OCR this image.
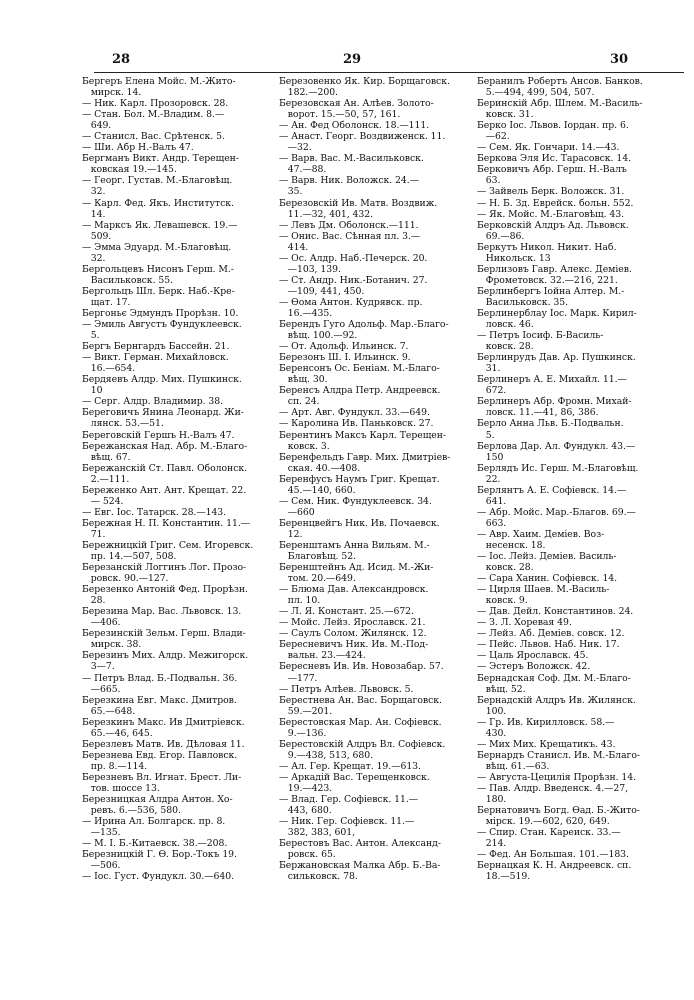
28	29	30
Бергеръ Елена Мойс. М.-Жито-
мирск. 14.
— Ник. Карл. Прозоровск. 28.
— Стан. Бол. М.-Владим. 8.—
649.
— Станисл. Вас. Срѣтенск. 5.
— Ши. Абр Н.-Валъ 47.
Бергманъ Викт. Андр. Терещен-
ковская 19.—145.
— Георг. Густав. М.-Благовѣщ.
32.
— Карл. Фед. Якъ. Институтск.
14.
— Марксъ Як. Левашевск. 19.—
509.
— Эмма Эдуард. М.-Благовѣщ.
32.
Бергольцевъ Нисонъ Герш. М.-
Васильковск. 55.
Бергольцъ Шл. Берк. Наб.-Кре-
щат. 17.
Бергоньє Эдмундъ Прорѣзн. 10.
— Эмиль Августъ Фундуклеевск.
5.
Бергъ Бернгардъ Бассейн. 21.
— Викт. Герман. Михайловск.
16.—654.
Бердяевъ Алдр. Мих. Пушкинск.
10
— Серг. Алдр. Владимир. 38.
Береговичъ Янина Леонард. Жи-
лянск. 53.—51.
Береговскій Гершъ Н.-Валъ 47.
Бережанская Над. Абр. М.-Благо-
вѣщ. 67.
Бережанскій Ст. Павл. Оболонск.
2.—111.
Береженко Ант. Ант. Крещат. 22.
— 524.
— Евг. Іос. Татарск. 28.—143.
Бережная Н. П. Константин. 11.—
71.
Бережницкій Григ. Сем. Игоревск.
пр. 14.—507, 508.
Березанскій Логгинъ Лог. Прозо-
ровск. 90.—127.
Березенко Антоній Фед. Прорѣзн.
28.
Березина Мар. Вас. Львовск. 13.
—406.
Березинскій Зельм. Герш. Влади-
мирск. 38.
Березинъ Мих. Алдр. Межигорск.
3—7.
— Петръ Влад. Б.-Подвальн. 36.
—665.
Березкина Евг. Макс. Дмитров.
65.—648.
Березкинъ Макс. Ив Дмитріевск.
65.—46, 645.
Березлевъ Матв. Ив. Дѣловая 11.
Березнева Евд. Егор. Павловск.
пр. 8.—114.
Березневъ Вл. Игнат. Брест. Ли-
тов. шоссе 13.
Березницкая Алдра Антон. Хо-
ревъ. 6.—536, 580.
— Ирина Ал. Болгарск. пр. 8.
—135.
— М. І. Б.-Китаевск. 38.—208.
Березницкій Г. Ѳ. Бор.-Токъ 19.
—506.
— Іос. Густ. Фундукл. 30.—640.
Березовенко Як. Кир. Борщаговск.
182.—200.
Березовская Ан. Алѣев. Золото-
ворот. 15.—50, 57, 161.
— Ан. Фед Оболонск. 18.—111.
— Анаст. Георг. Воздвиженск. 11.
—32.
— Варв. Вас. М.-Васильковск.
47.—88.
— Варв. Ник. Воложск. 24.—
35.
Березовскій Ив. Матв. Воздвиж.
11.—32, 401, 432.
— Левъ Дм. Оболонск.—111.
— Онис. Вас. Сѣнная пл. 3.—
414.
— Ос. Алдр. Наб.-Печерск. 20.
—103, 139.
— Ст. Андр. Ник.-Ботанич. 27.
—109, 441, 450.
— Ѳома Антон. Кудрявск. пр.
16.—435.
Берендъ Гуго Адольф. Мар.-Благо-
вѣщ. 100.—92.
— От. Адольф. Ильинск. 7.
Березонъ Ш. І. Ильинск. 9.
Беренсонъ Ос. Беніам. М.-Благо-
вѣщ. 30.
Беренсъ Алдра Петр. Андреевск.
сп. 24.
— Арт. Авг. Фундукл. 33.—649.
— Каролина Ив. Паньковск. 27.
Берентинъ Максъ Карл. Терещен-
ковск. 3.
Беренфельдъ Гавр. Мих. Дмитріев-
ская. 40.—408.
Беренфусъ Наумъ Григ. Крещат.
45.—140, 660.
— Сем. Ник. Фундуклеевск. 34.
—660
Беренцвейгъ Ник. Ив. Почаевск.
12.
Беренштамъ Анна Вильям. М.-
Благовѣщ. 52.
Беренштейнъ Ад. Исид. М.-Жи-
том. 20.—649.
— Блюма Дав. Александровск.
пл. 10.
— Л. Я. Констант. 25.—672.
— Мойс. Лейз. Ярославск. 21.
— Саулъ Солом. Жилянск. 12.
Бересневичъ Ник. Ив. М.-Под-
вальн. 23.—424.
Бересневъ Ив. Ив. Новозабар. 57.
—177.
— Петръ Алѣев. Львовск. 5.
Берестнева Ан. Вас. Борщаговск.
59.—201.
Берестовская Мар. Ан. Софіевск.
9.—136.
Берестовскій Алдръ Вл. Софіевск.
9.—438, 513, 680.
— Ал. Гер. Крещат. 19.—613.
— Аркадій Вас. Терещенковск.
19.—423.
— Влад. Гер. Софіевск. 11.—
443, 680.
— Ник. Гер. Софіевск. 11.—
382, 383, 601,
Берестовъ Вас. Антон. Александ-
ровск. 65.
Бержановская Малка Абр. Б.-Ва-
сильковск. 78.
Беранилъ Робертъ Ансов. Банков.
5.—494, 499, 504, 507.
Беринскій Абр. Шлем. М.-Василь-
ковск. 31.
Берко Іос. Львов. Іордан. пр. 6.
—62.
— Сем. Як. Гончари. 14.—43.
Беркова Эля Ис. Тарасовск. 14.
Берковичъ Абр. Герш. Н.-Валъ
63.
— Зайвель Берк. Воложск. 31.
— Н. Б. Зд. Еврейск. больн. 552.
— Як. Мойс. М.-Благовѣщ. 43.
Берковскій Алдръ Ад. Львовск.
69.—86.
Беркутъ Никол. Никит. Наб.
Никольск. 13
Берлизовъ Гавр. Алекс. Деміев.
Фрометовск. 32.—216, 221.
Берлинбергъ Іойна Алтер. М.-
Васильковск. 35.
Берлинерблау Іос. Марк. Кирил-
ловск. 46.
— Петръ Іосиф. Б-Василь-
ковск. 28.
Берлинрудъ Дав. Ар. Пушкинск.
31.
Берлинеръ А. Е. Михайл. 11.—
672.
Берлинеръ Абр. Фромн. Михай-
ловск. 11.—41, 86, 386.
Берло Анна Льв. Б.-Подвальн.
5.
Берлова Дар. Ал. Фундукл. 43.—
150
Берлядъ Ис. Герш. М.-Благовѣщ.
22.
Берлянтъ А. Е. Софіевск. 14.—
641.
— Абр. Мойс. Мар.-Благов. 69.—
663.
— Авр. Хаим. Деміев. Воз-
несенск. 18.
— Іос. Лейз. Деміев. Василь-
ковск. 28.
— Сара Ханин. Софіевск. 14.
— Цирля Шаев. М.-Василь-
ковск. 9.
— Дав. Дейл. Константинов. 24.
— З. Л. Хоревая 49.
— Лейз. Аб. Деміев. совск. 12.
— Пейс. Львов. Наб. Ник. 17.
— Цаль Ярославск. 45.
— Эстеръ Воложск. 42.
Бернадская Соф. Дм. М.-Благо-
вѣщ. 52.
Бернадскій Алдръ Ив. Жилянск.
100.
— Гр. Ив. Кирилловск. 58.—
430.
— Мих Мих. Крещатикъ. 43.
Бернардъ Станисл. Ив. М.-Благо-
вѣщ. 61.—63.
— Августа-Цецилія Прорѣзн. 14.
— Пав. Алдр. Введенск. 4.—27,
180.
Бернатовичъ Богд. Ѳад. Б.-Жито-
мірск. 19.—602, 620, 649.
— Спир. Стан. Кареиск. 33.—
214.
— Фед. Ан Большая. 101.—183.
Бернацкая К. Н. Андреевск. сп.
18.—519.
